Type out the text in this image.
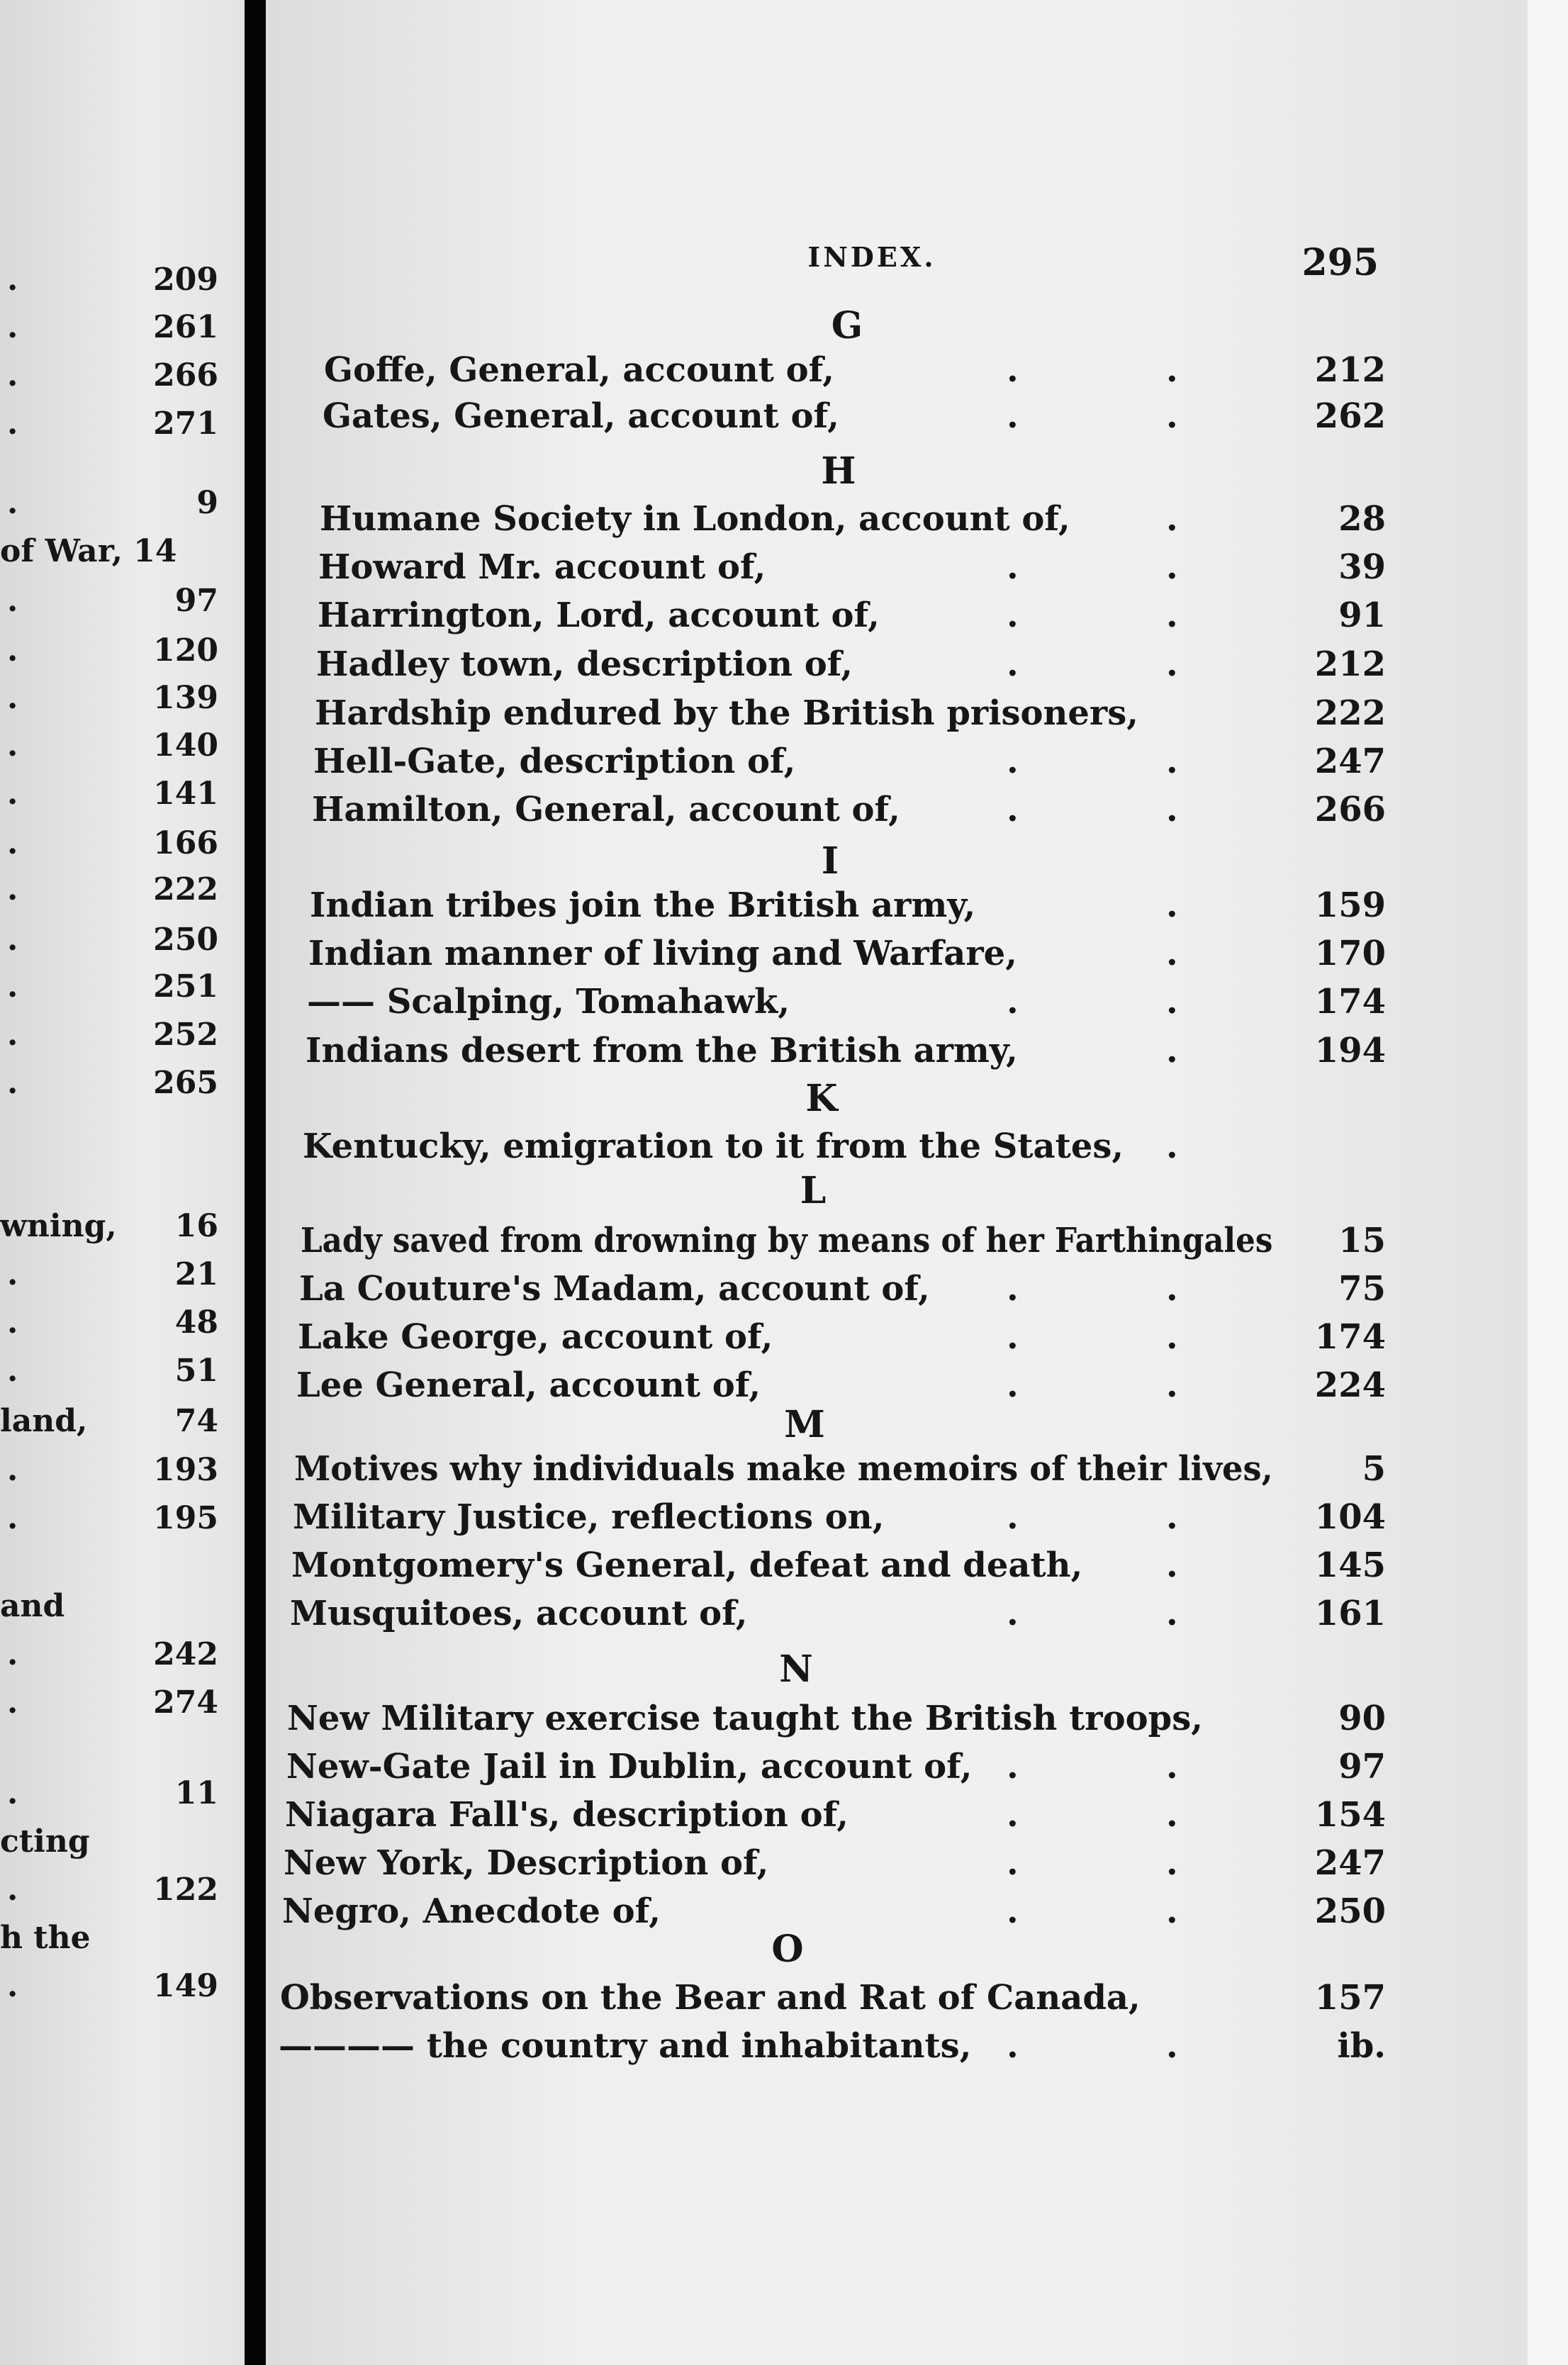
.	209
.	261
.	266
.	271
.	9
of War, 14
.	97
.	120
.	139
.	140
.	141
.	166
.	222
.	250
.	251
.	252
.	265
wning, 16
.	21
.	48
.	51
land,	74
.	193
.	195
and
.	242
.	274
.	11
cting
.	122
h the
.	149
INDEX.	295
G
Goffe, General, account of,	212
.
.
Gates, General, account of,	262
.
.
H
Humane Society in London, account of,	28
.
Howard Mr. account of,	39
.
.
Harrington, Lord, account of,	91
.
.
Hadley town, description of,	212
.
.
Hardship endured by the British prisoners,	222
Hell-Gate, description of,	247
.
.
Hamilton, General, account of,	266
.
.
I
Indian tribes join the British army,	159
.
Indian manner of living and Warfare,	170
.
—— Scalping, Tomahawk,	174
.
.
Indians desert from the British army,	194
.
K
Kentucky, emigration to it from the States, .
L
Lady saved from drowning by means of her Farthingales	15
La Couture's Madam, account of,	75
.
.
Lake George, account of,	174
.
.
Lee General, account of,	224
.
.
M
Motives why individuals make memoirs of their lives,	5
Military Justice, reflections on,	104
.
.
Montgomery's General, defeat and death,	145
.
Musquitoes, account of,	161
.
.
N
New Military exercise taught the British troops,	90
New-Gate Jail in Dublin, account of,	97
.
.
Niagara Fall's, description of,	154
.
.
New York, Description of,	247
.
.
Negro, Anecdote of,	250
.
.
O
Observations on the Bear and Rat of Canada,	157
———— the country and inhabitants,	ib.
.
.
